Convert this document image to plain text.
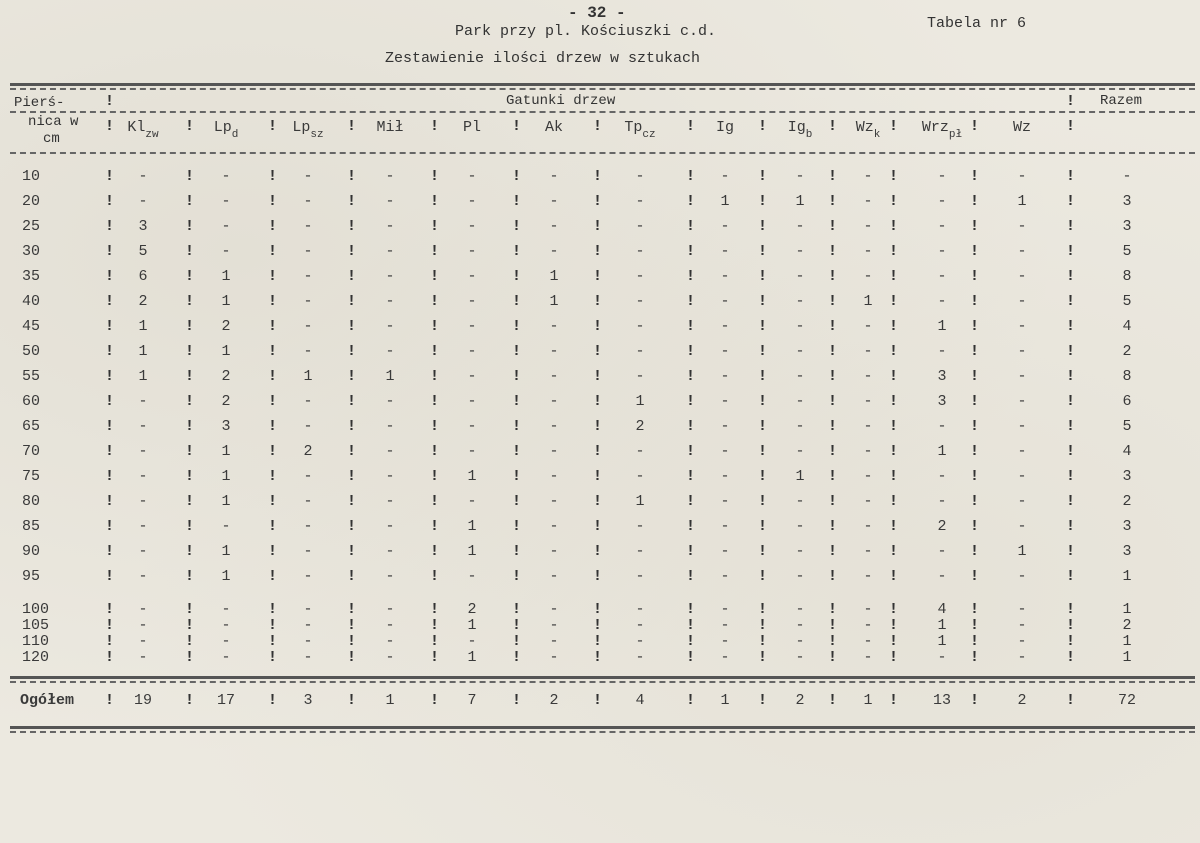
- 32 -
Park przy pl. Kościuszki c.d.
Zestawienie ilości drzew w sztukach
Tabela nr 6
Pierś-
nica w
cm
Gatunki drzew	Razem
$Kl_{zw}$	$Lp_d$	$Lp_{sz}$	Mił	Pl	Ak	$Tp_{cz}$	Ig	$Ig_b$	$Wz_k$	Wrz$_{pł}$	Wz
!	!	!	!	!	!	!	!	!	!	!	!	!
!	!
10	-	-	-	-	-	-	-	-	-	-	-	-	-
!	!	!	!	!	!	!	!	!	!	!	!	!
20	-	-	-	-	-	-	-	1	1	-	-	1	3
!	!	!	!	!	!	!	!	!	!	!	!	!
25	3	-	-	-	-	-	-	-	-	-	-	-	3
!	!	!	!	!	!	!	!	!	!	!	!	!
30	5	-	-	-	-	-	-	-	-	-	-	-	5
!	!	!	!	!	!	!	!	!	!	!	!	!
35	6	1	-	-	-	1	-	-	-	-	-	-	8
!	!	!	!	!	!	!	!	!	!	!	!	!
40	2	1	-	-	-	1	-	-	-	1	-	-	5
!	!	!	!	!	!	!	!	!	!	!	!	!
45	1	2	-	-	-	-	-	-	-	-	1	-	4
!	!	!	!	!	!	!	!	!	!	!	!	!
50	1	1	-	-	-	-	-	-	-	-	-	-	2
!	!	!	!	!	!	!	!	!	!	!	!	!
55	1	2	1	1	-	-	-	-	-	-	3	-	8
!	!	!	!	!	!	!	!	!	!	!	!	!
60	-	2	-	-	-	-	1	-	-	-	3	-	6
!	!	!	!	!	!	!	!	!	!	!	!	!
65	-	3	-	-	-	-	2	-	-	-	-	-	5
!	!	!	!	!	!	!	!	!	!	!	!	!
70	-	1	2	-	-	-	-	-	-	-	1	-	4
!	!	!	!	!	!	!	!	!	!	!	!	!
75	-	1	-	-	1	-	-	-	1	-	-	-	3
!	!	!	!	!	!	!	!	!	!	!	!	!
80	-	1	-	-	-	-	1	-	-	-	-	-	2
!	!	!	!	!	!	!	!	!	!	!	!	!
85	-	-	-	-	1	-	-	-	-	-	2	-	3
!	!	!	!	!	!	!	!	!	!	!	!	!
90	-	1	-	-	1	-	-	-	-	-	-	1	3
!	!	!	!	!	!	!	!	!	!	!	!	!
95	-	1	-	-	-	-	-	-	-	-	-	-	1
!	!	!	!	!	!	!	!	!	!	!	!	!
100	-	-	-	-	2	-	-	-	-	-	4	-	1
!	!	!	!	!	!	!	!	!	!	!	!	!
105	-	-	-	-	1	-	-	-	-	-	1	-	2
!	!	!	!	!	!	!	!	!	!	!	!	!
110	-	-	-	-	-	-	-	-	-	-	1	-	1
!	!	!	!	!	!	!	!	!	!	!	!	!
120	-	-	-	-	1	-	-	-	-	-	-	-	1
!	!	!	!	!	!	!	!	!	!	!	!	!
Ogółem	19	17	3	1	7	2	4	1	2	1	13	2	72
!	!	!	!	!	!	!	!	!	!	!	!	!
